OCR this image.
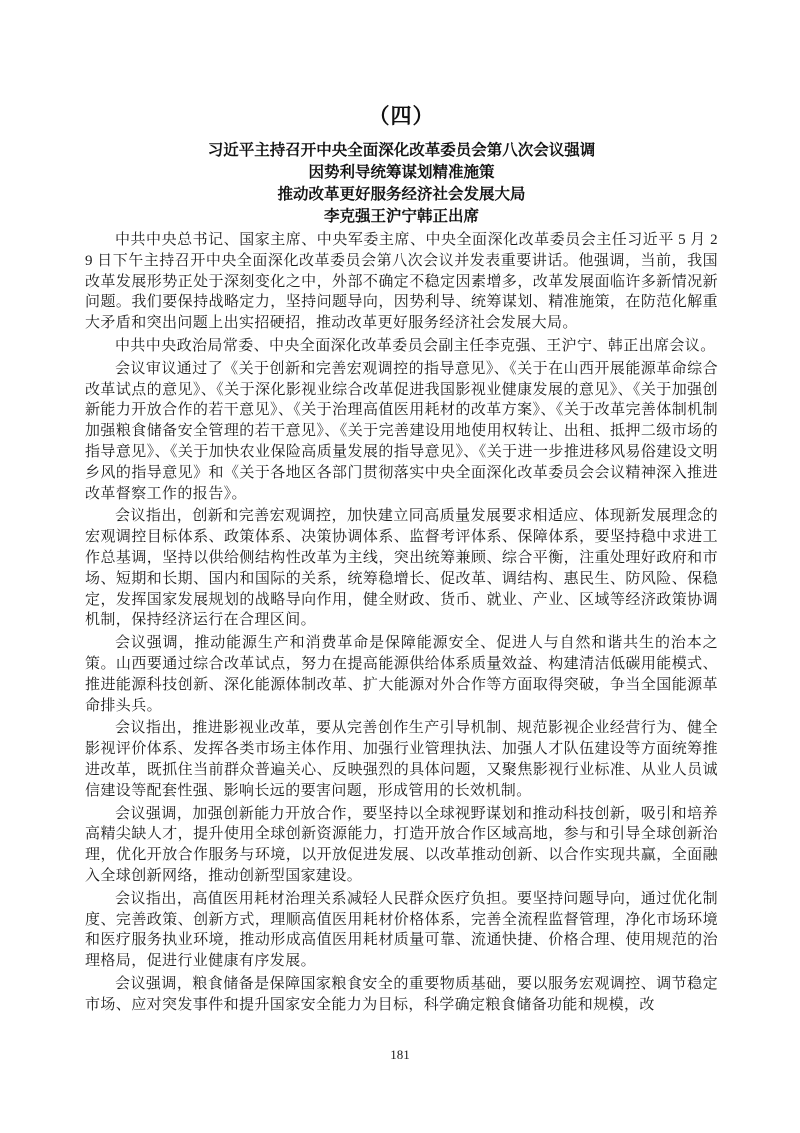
（四）
习近平主持召开中央全面深化改革委员会第八次会议强调
因势利导统筹谋划精准施策
推动改革更好服务经济社会发展大局
李克强王沪宁韩正出席

中共中央总书记、国家主席、中央军委主席、中央全面深化改革委员会主任习近平 5 月 29 日下午主持召开中央全面深化改革委员会第八次会议并发表重要讲话。他强调，当前，我国改革发展形势正处于深刻变化之中，外部不确定不稳定因素增多，改革发展面临许多新情况新问题。我们要保持战略定力，坚持问题导向，因势利导、统筹谋划、精准施策，在防范化解重大矛盾和突出问题上出实招硬招，推动改革更好服务经济社会发展大局。

中共中央政治局常委、中央全面深化改革委员会副主任李克强、王沪宁、韩正出席会议。

会议审议通过了《关于创新和完善宏观调控的指导意见》、《关于在山西开展能源革命综合改革试点的意见》、《关于深化影视业综合改革促进我国影视业健康发展的意见》、《关于加强创新能力开放合作的若干意见》、《关于治理高值医用耗材的改革方案》、《关于改革完善体制机制加强粮食储备安全管理的若干意见》、《关于完善建设用地使用权转让、出租、抵押二级市场的指导意见》、《关于加快农业保险高质量发展的指导意见》、《关于进一步推进移风易俗建设文明乡风的指导意见》和《关于各地区各部门贯彻落实中央全面深化改革委员会会议精神深入推进改革督察工作的报告》。

会议指出，创新和完善宏观调控，加快建立同高质量发展要求相适应、体现新发展理念的宏观调控目标体系、政策体系、决策协调体系、监督考评体系、保障体系，要坚持稳中求进工作总基调，坚持以供给侧结构性改革为主线，突出统筹兼顾、综合平衡，注重处理好政府和市场、短期和长期、国内和国际的关系，统筹稳增长、促改革、调结构、惠民生、防风险、保稳定，发挥国家发展规划的战略导向作用，健全财政、货币、就业、产业、区域等经济政策协调机制，保持经济运行在合理区间。

会议强调，推动能源生产和消费革命是保障能源安全、促进人与自然和谐共生的治本之策。山西要通过综合改革试点，努力在提高能源供给体系质量效益、构建清洁低碳用能模式、推进能源科技创新、深化能源体制改革、扩大能源对外合作等方面取得突破，争当全国能源革命排头兵。

会议指出，推进影视业改革，要从完善创作生产引导机制、规范影视企业经营行为、健全影视评价体系、发挥各类市场主体作用、加强行业管理执法、加强人才队伍建设等方面统筹推进改革，既抓住当前群众普遍关心、反映强烈的具体问题，又聚焦影视行业标准、从业人员诚信建设等配套性强、影响长远的要害问题，形成管用的长效机制。

会议强调，加强创新能力开放合作，要坚持以全球视野谋划和推动科技创新，吸引和培养高精尖缺人才，提升使用全球创新资源能力，打造开放合作区域高地，参与和引导全球创新治理，优化开放合作服务与环境，以开放促进发展、以改革推动创新、以合作实现共赢，全面融入全球创新网络，推动创新型国家建设。

会议指出，高值医用耗材治理关系减轻人民群众医疗负担。要坚持问题导向，通过优化制度、完善政策、创新方式，理顺高值医用耗材价格体系，完善全流程监督管理，净化市场环境和医疗服务执业环境，推动形成高值医用耗材质量可靠、流通快捷、价格合理、使用规范的治理格局，促进行业健康有序发展。

会议强调，粮食储备是保障国家粮食安全的重要物质基础，要以服务宏观调控、调节稳定市场、应对突发事件和提升国家安全能力为目标，科学确定粮食储备功能和规模，改

181
